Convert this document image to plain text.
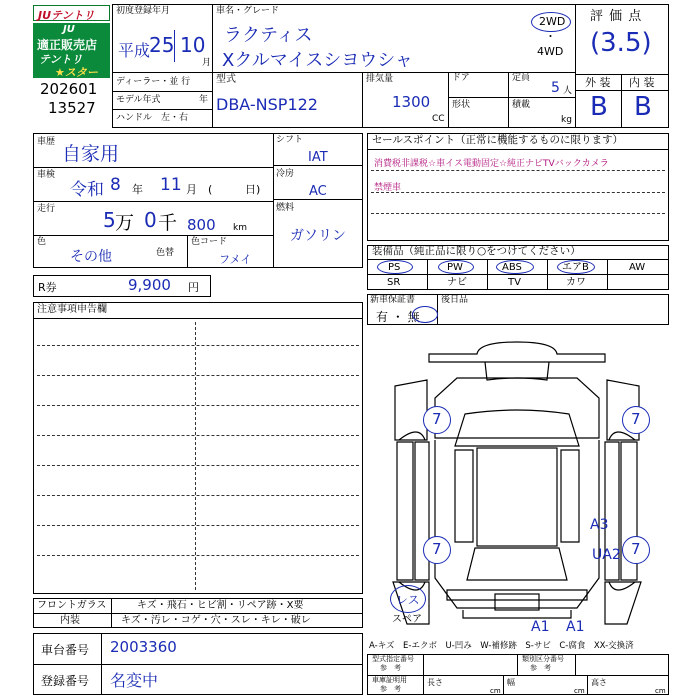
JUテントリ
JU
適正販売店
テントリ
★スター
202601
13527
初度登録年月
平成
25 10
月
車名・グレード
ラクティス
Xクルマイスシヨウシャ
2WD
・
4WD
評 価 点
(3.5)
ディーラー・並 行
モデル年式	年
ハンドル　左・右
型式
DBA-NSP122
排気量
1300
CC
ドア
形状
定員
5 人
積載
kg
外 装 内 装
B B
車歴
自家用
車検
令和 8 年 11 月 (	日)
走行 5 万 0 千 800 km
色
その他	色替
色コード
フメイ
シフト
IAT
冷房
AC
燃料
ガソリン
R券	9,900 円
セールスポイント（正常に機能するものに限ります）
消費税非課税☆車イス電動固定☆純正ナビTVバックカメラ
禁煙車
装備品（純正品に限り○をつけてください）
PS	PW	ABS	エアB	AW
SR	ナビ	TV	カワ
新車保証書
有 ・ 無
後日品
注意事項申告欄
7	7
7	7
A3
UA2
A1 A1
レス
スペア
フロントガラス	キズ・飛石・ヒビ割・リペア跡・X要
内装	キズ・汚レ・コゲ・穴・スレ・キレ・破レ
車台番号 2003360
登録番号 名変中
A-キズ　E-エクボ　U-凹み　W-補修跡　S-サビ　C-腐食　XX-交換済
型式指定番号
参　考
類別区分番号
参　考
車庫証明用
参　考
長さ
cm
幅
cm
高さ
cm
